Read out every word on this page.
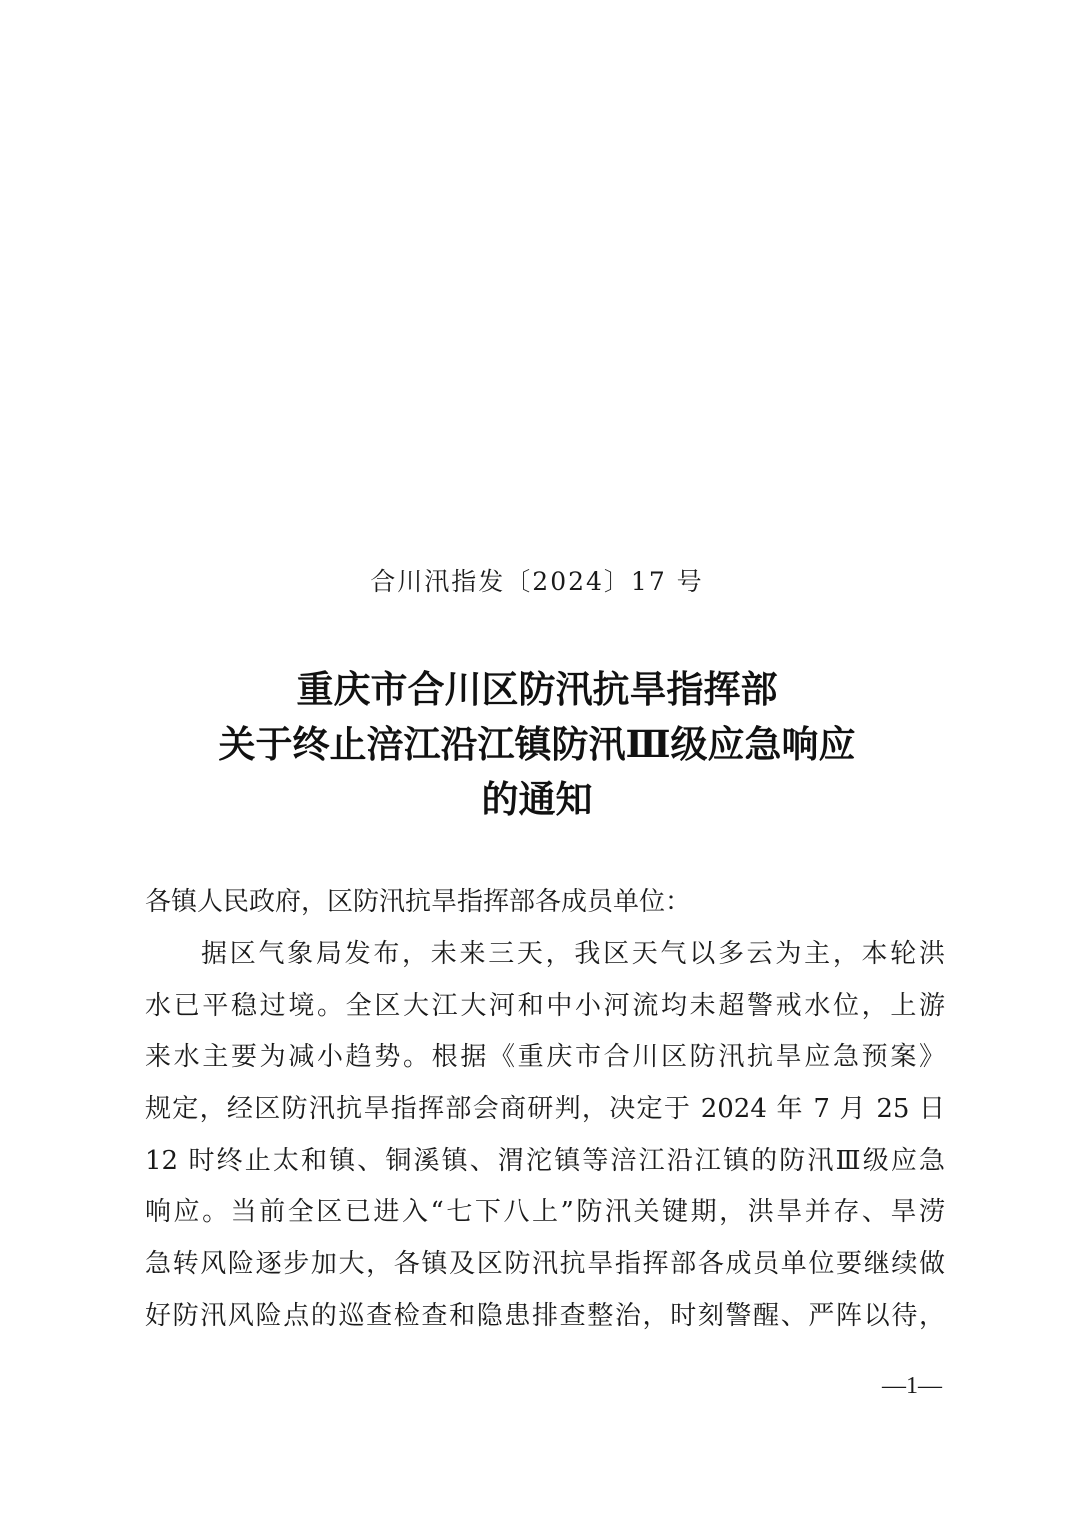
合川汛指发〔2024〕17 号
重庆市合川区防汛抗旱指挥部
关于终止涪江沿江镇防汛Ⅲ级应急响应
的通知
各镇人民政府，区防汛抗旱指挥部各成员单位：
据区气象局发布，未来三天，我区天气以多云为主，本轮洪
水已平稳过境。全区大江大河和中小河流均未超警戒水位，上游
来水主要为减小趋势。根据《重庆市合川区防汛抗旱应急预案》
规定，经区防汛抗旱指挥部会商研判，决定于 2024 年 7 月 25 日
12 时终止太和镇、铜溪镇、渭沱镇等涪江沿江镇的防汛Ⅲ级应急
响应。当前全区已进入“七下八上”防汛关键期，洪旱并存、旱涝
急转风险逐步加大，各镇及区防汛抗旱指挥部各成员单位要继续做
好防汛风险点的巡查检查和隐患排查整治，时刻警醒、严阵以待，
—1—
